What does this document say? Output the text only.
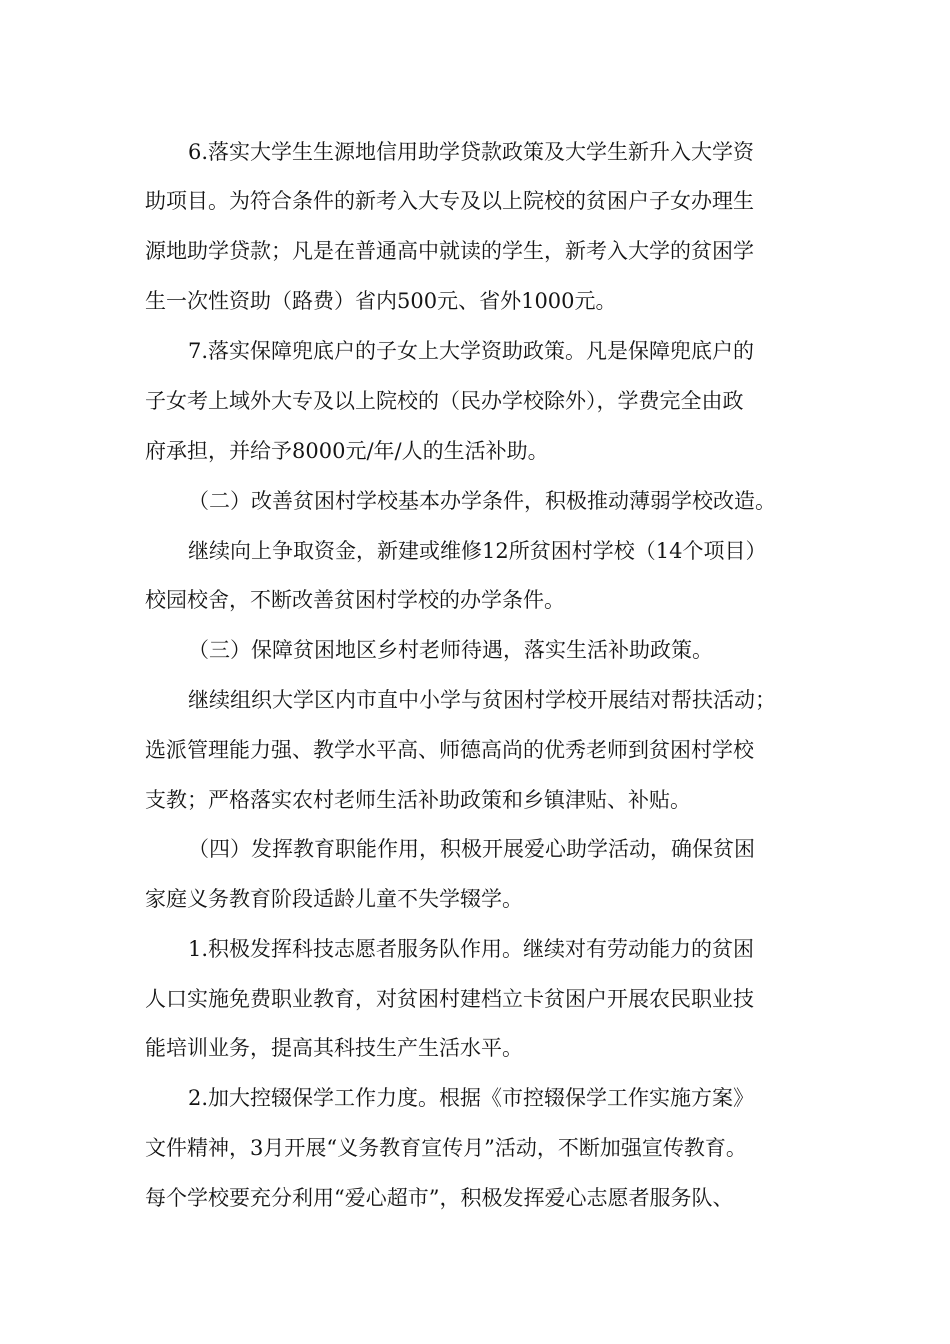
6.落实大学生生源地信用助学贷款政策及大学生新升入大学资
助项目。为符合条件的新考入大专及以上院校的贫困户子女办理生
源地助学贷款；凡是在普通高中就读的学生，新考入大学的贫困学
生一次性资助（路费）省内500元、省外1000元。
7.落实保障兜底户的子女上大学资助政策。凡是保障兜底户的
子女考上域外大专及以上院校的（民办学校除外），学费完全由政
府承担，并给予8000元/年/人的生活补助。
（二）改善贫困村学校基本办学条件，积极推动薄弱学校改造。
继续向上争取资金，新建或维修12所贫困村学校（14个项目）
校园校舍，不断改善贫困村学校的办学条件。
（三）保障贫困地区乡村老师待遇，落实生活补助政策。
继续组织大学区内市直中小学与贫困村学校开展结对帮扶活动；
选派管理能力强、教学水平高、师德高尚的优秀老师到贫困村学校
支教；严格落实农村老师生活补助政策和乡镇津贴、补贴。
（四）发挥教育职能作用，积极开展爱心助学活动，确保贫困
家庭义务教育阶段适龄儿童不失学辍学。
1.积极发挥科技志愿者服务队作用。继续对有劳动能力的贫困
人口实施免费职业教育，对贫困村建档立卡贫困户开展农民职业技
能培训业务，提高其科技生产生活水平。
2.加大控辍保学工作力度。根据《市控辍保学工作实施方案》
文件精神，3月开展“义务教育宣传月”活动，不断加强宣传教育。
每个学校要充分利用“爱心超市”，积极发挥爱心志愿者服务队、
